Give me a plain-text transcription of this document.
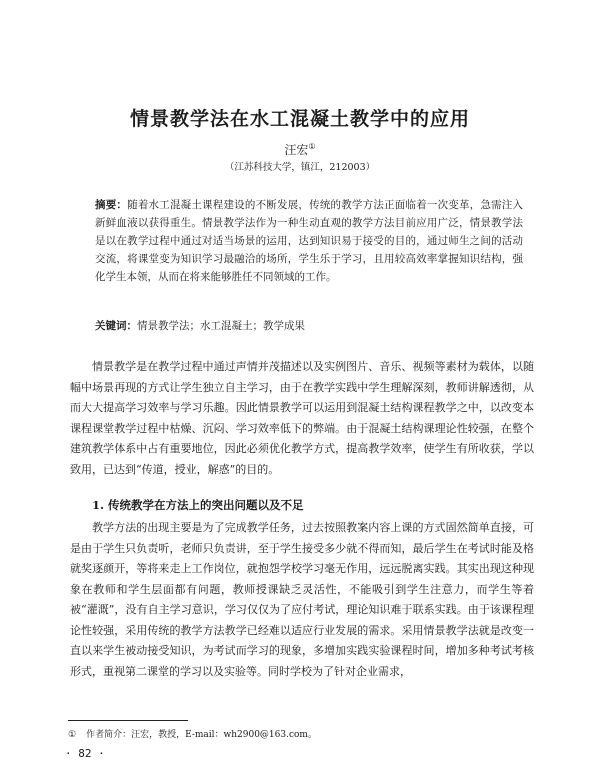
情景教学法在水工混凝土教学中的应用
汪宏①
（江苏科技大学，镇江，212003）

摘要：随着水工混凝土课程建设的不断发展，传统的教学方法正面临着一次变革，急需注入新鲜血液以获得重生。情景教学法作为一种生动直观的教学方法目前应用广泛，情景教学法是以在教学过程中通过对适当场景的运用，达到知识易于接受的目的，通过师生之间的活动交流，将课堂变为知识学习最融洽的场所，学生乐于学习，且用较高效率掌握知识结构，强化学生本领，从而在将来能够胜任不同领域的工作。

关键词：情景教学法；水工混凝土；教学成果

情景教学是在教学过程中通过声情并茂描述以及实例图片、音乐、视频等素材为载体，以随幅中场景再现的方式让学生独立自主学习，由于在教学实践中学生理解深刻，教师讲解透彻，从而大大提高学习效率与学习乐趣。因此情景教学可以运用到混凝土结构课程教学之中，以改变本课程课堂教学过程中枯燥、沉闷、学习效率低下的弊端。由于混凝土结构课理论性较强，在整个建筑教学体系中占有重要地位，因此必须优化教学方式，提高教学效率，使学生有所收获，学以致用，已达到“传道，授业，解惑”的目的。

1. 传统教学在方法上的突出问题以及不足

教学方法的出现主要是为了完成教学任务，过去按照教案内容上课的方式固然简单直接，可是由于学生只负责听，老师只负责讲，至于学生接受多少就不得而知，最后学生在考试时能及格就奖逐颜开，等将来走上工作岗位，就抱怨学校学习毫无作用，远远脱离实践。其实出现这种现象在教师和学生层面都有问题，教师授课缺乏灵活性，不能吸引到学生注意力，而学生等着被“灌溉”，没有自主学习意识，学习仅仅为了应付考试，理论知识难于联系实践。由于该课程理论性较强，采用传统的教学方法教学已经难以适应行业发展的需求。采用情景教学法就是改变一直以来学生被动接受知识，为考试而学习的现象，多增加实践实验课程时间，增加多种考试考核形式，重视第二课堂的学习以及实验等。同时学校为了针对企业需求，

① 作者简介：汪宏，教授，E-mail：wh2900@163.com。

· 82 ·
